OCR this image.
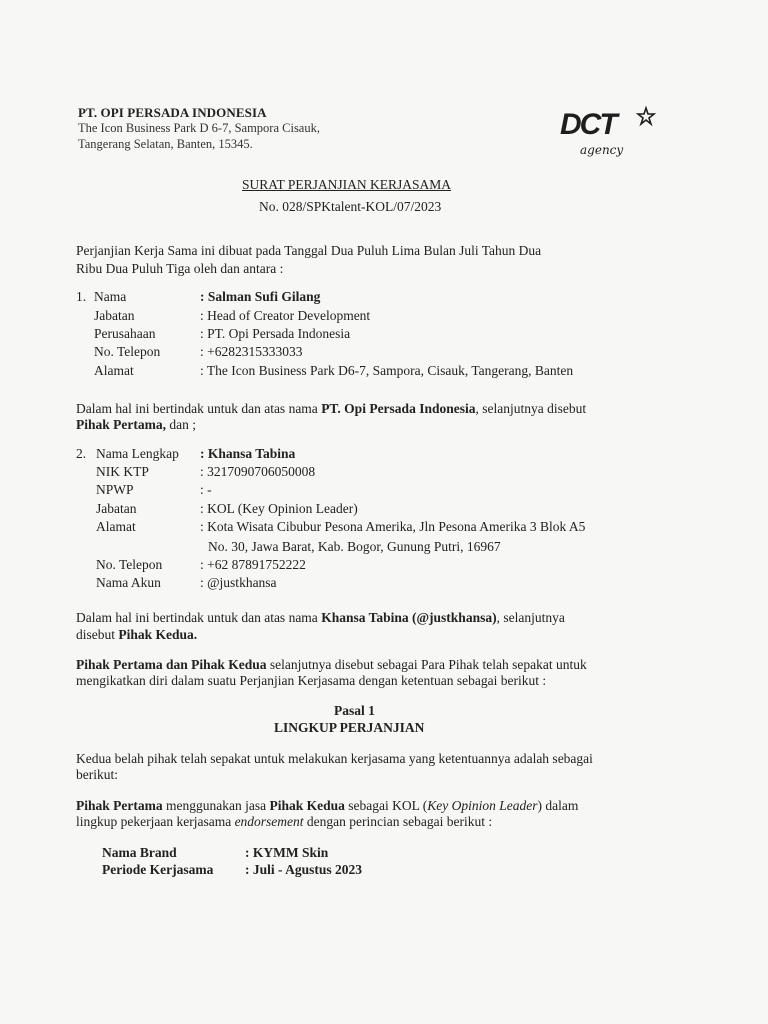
PT. OPI PERSADA INDONESIA
The Icon Business Park D 6-7, Sampora Cisauk,
Tangerang Selatan, Banten, 15345.
DCT
agency
SURAT PERJANJIAN KERJASAMA
No. 028/SPKtalent-KOL/07/2023
Perjanjian Kerja Sama ini dibuat pada Tanggal Dua Puluh Lima Bulan Juli Tahun Dua
Ribu Dua Puluh Tiga oleh dan antara :
1. Nama	: Salman Sufi Gilang
Jabatan	: Head of Creator Development
Perusahaan	: PT. Opi Persada Indonesia
No. Telepon	: +6282315333033
Alamat	: The Icon Business Park D6-7, Sampora, Cisauk, Tangerang, Banten
Dalam hal ini bertindak untuk dan atas nama PT. Opi Persada Indonesia, selanjutnya disebut
Pihak Pertama, dan ;
2. Nama Lengkap : Khansa Tabina
NIK KTP	: 3217090706050008
NPWP	: -
Jabatan	: KOL (Key Opinion Leader)
Alamat	: Kota Wisata Cibubur Pesona Amerika, Jln Pesona Amerika 3 Blok A5
No. 30, Jawa Barat, Kab. Bogor, Gunung Putri, 16967
No. Telepon	: +62 87891752222
Nama Akun	: @justkhansa
Dalam hal ini bertindak untuk dan atas nama Khansa Tabina (@justkhansa), selanjutnya
disebut Pihak Kedua.
Pihak Pertama dan Pihak Kedua selanjutnya disebut sebagai Para Pihak telah sepakat untuk
mengikatkan diri dalam suatu Perjanjian Kerjasama dengan ketentuan sebagai berikut :
Pasal 1
LINGKUP PERJANJIAN
Kedua belah pihak telah sepakat untuk melakukan kerjasama yang ketentuannya adalah sebagai
berikut:
Pihak Pertama menggunakan jasa Pihak Kedua sebagai KOL (Key Opinion Leader) dalam
lingkup pekerjaan kerjasama endorsement dengan perincian sebagai berikut :
Nama Brand	: KYMM Skin
Periode Kerjasama : Juli - Agustus 2023
